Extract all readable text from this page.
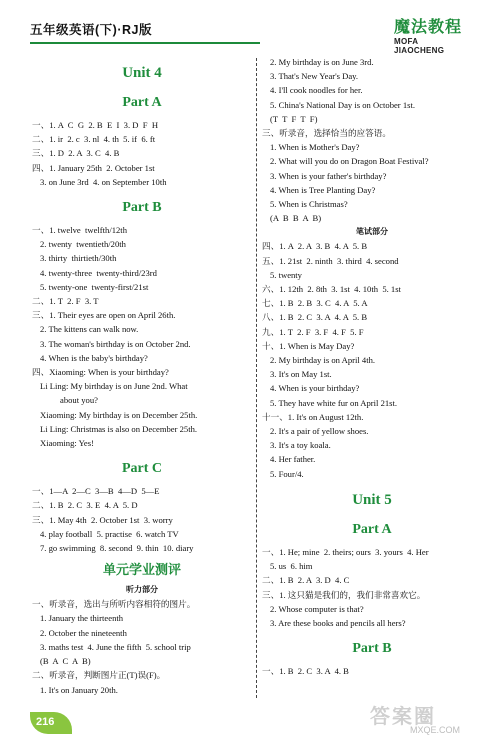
五年级英语(下)·RJ版	魔法教程
MOFA JIAOCHENG
Unit 4
Part A
一、1. A  C  G  2. B  E  I  3. D  F  H
二、1. ir  2. c  3. nl  4. th  5. if  6. ft
三、1. D  2. A  3. C  4. B
四、1. January 25th  2. October 1st
3. on June 3rd  4. on September 10th
Part B
一、1. twelve  twelfth/12th
2. twenty  twentieth/20th
3. thirty  thirtieth/30th
4. twenty-three  twenty-third/23rd
5. twenty-one  twenty-first/21st
二、1. T  2. F  3. T
三、1. Their eyes are open on April 26th.
2. The kittens can walk now.
3. The woman's birthday is on October 2nd.
4. When is the baby's birthday?
四、Xiaoming: When is your birthday?
Li Ling: My birthday is on June 2nd. What
about you?
Xiaoming: My birthday is on December 25th.
Li Ling: Christmas is also on December 25th.
Xiaoming: Yes!
Part C
一、1—A  2—C  3—B  4—D  5—E
二、1. B  2. C  3. E  4. A  5. D
三、1. May 4th  2. October 1st  3. worry
4. play football  5. practise  6. watch TV
7. go swimming  8. second  9. thin  10. diary
单元学业测评
听力部分
一、听录音，选出与所听内容相符的图片。
1. January the thirteenth
2. October the nineteenth
3. maths test  4. June the fifth  5. school trip
(B  A  C  A  B)
二、听录音，判断图片正(T)误(F)。
1. It's on January 20th.
2. My birthday is on June 3rd.
3. That's New Year's Day.
4. I'll cook noodles for her.
5. China's National Day is on October 1st.
(T  T  F  T  F)
三、听录音，选择恰当的应答语。
1. When is Mother's Day?
2. What will you do on Dragon Boat Festival?
3. When is your father's birthday?
4. When is Tree Planting Day?
5. When is Christmas?
(A  B  B  A  B)
笔试部分
四、1. A  2. A  3. B  4. A  5. B
五、1. 21st  2. ninth  3. third  4. second
5. twenty
六、1. 12th  2. 8th  3. 1st  4. 10th  5. 1st
七、1. B  2. B  3. C  4. A  5. A
八、1. B  2. C  3. A  4. A  5. B
九、1. T  2. F  3. F  4. F  5. F
十、1. When is May Day?
2. My birthday is on April 4th.
3. It's on May 1st.
4. When is your birthday?
5. They have white fur on April 21st.
十一、1. It's on August 12th.
2. It's a pair of yellow shoes.
3. It's a toy koala.
4. Her father.
5. Four/4.
Unit 5
Part A
一、1. He; mine  2. theirs; ours  3. yours  4. Her
5. us  6. him
二、1. B  2. A  3. D  4. C
三、1. 这只猫是我们的，我们非常喜欢它。
2. Whose computer is that?
3. Are these books and pencils all hers?
Part B
一、1. B  2. C  3. A  4. B
216	答案圈
MXQE.COM
